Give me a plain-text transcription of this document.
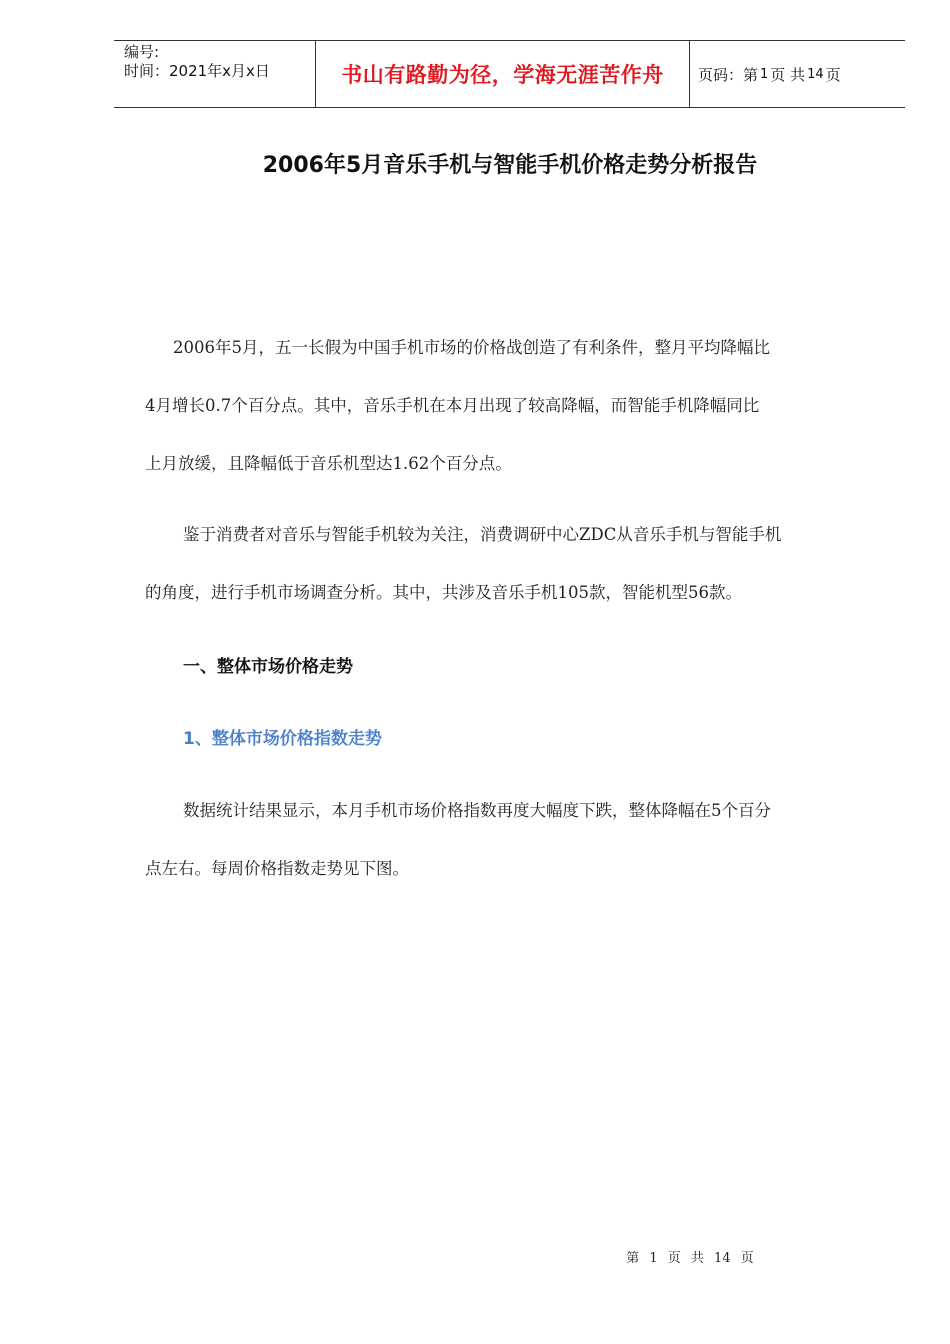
编号:
时间：2021年x月x日	书山有路勤为径，学海无涯苦作舟 页码：第 1 页 共 14 页
2006年5月音乐手机与智能手机价格走势分析报告
2006年5月，五一长假为中国手机市场的价格战创造了有利条件，整月平均降幅比
4月增长0.7个百分点。其中，音乐手机在本月出现了较高降幅，而智能手机降幅同比
上月放缓，且降幅低于音乐机型达1.62个百分点。
鉴于消费者对音乐与智能手机较为关注，消费调研中心ZDC从音乐手机与智能手机
的角度，进行手机市场调查分析。其中，共涉及音乐手机105款，智能机型56款。
数据统计结果显示，本月手机市场价格指数再度大幅度下跌，整体降幅在5个百分
点左右。每周价格指数走势见下图。
一、整体市场价格走势
1、整体市场价格指数走势
第 1 页 共 14 页
